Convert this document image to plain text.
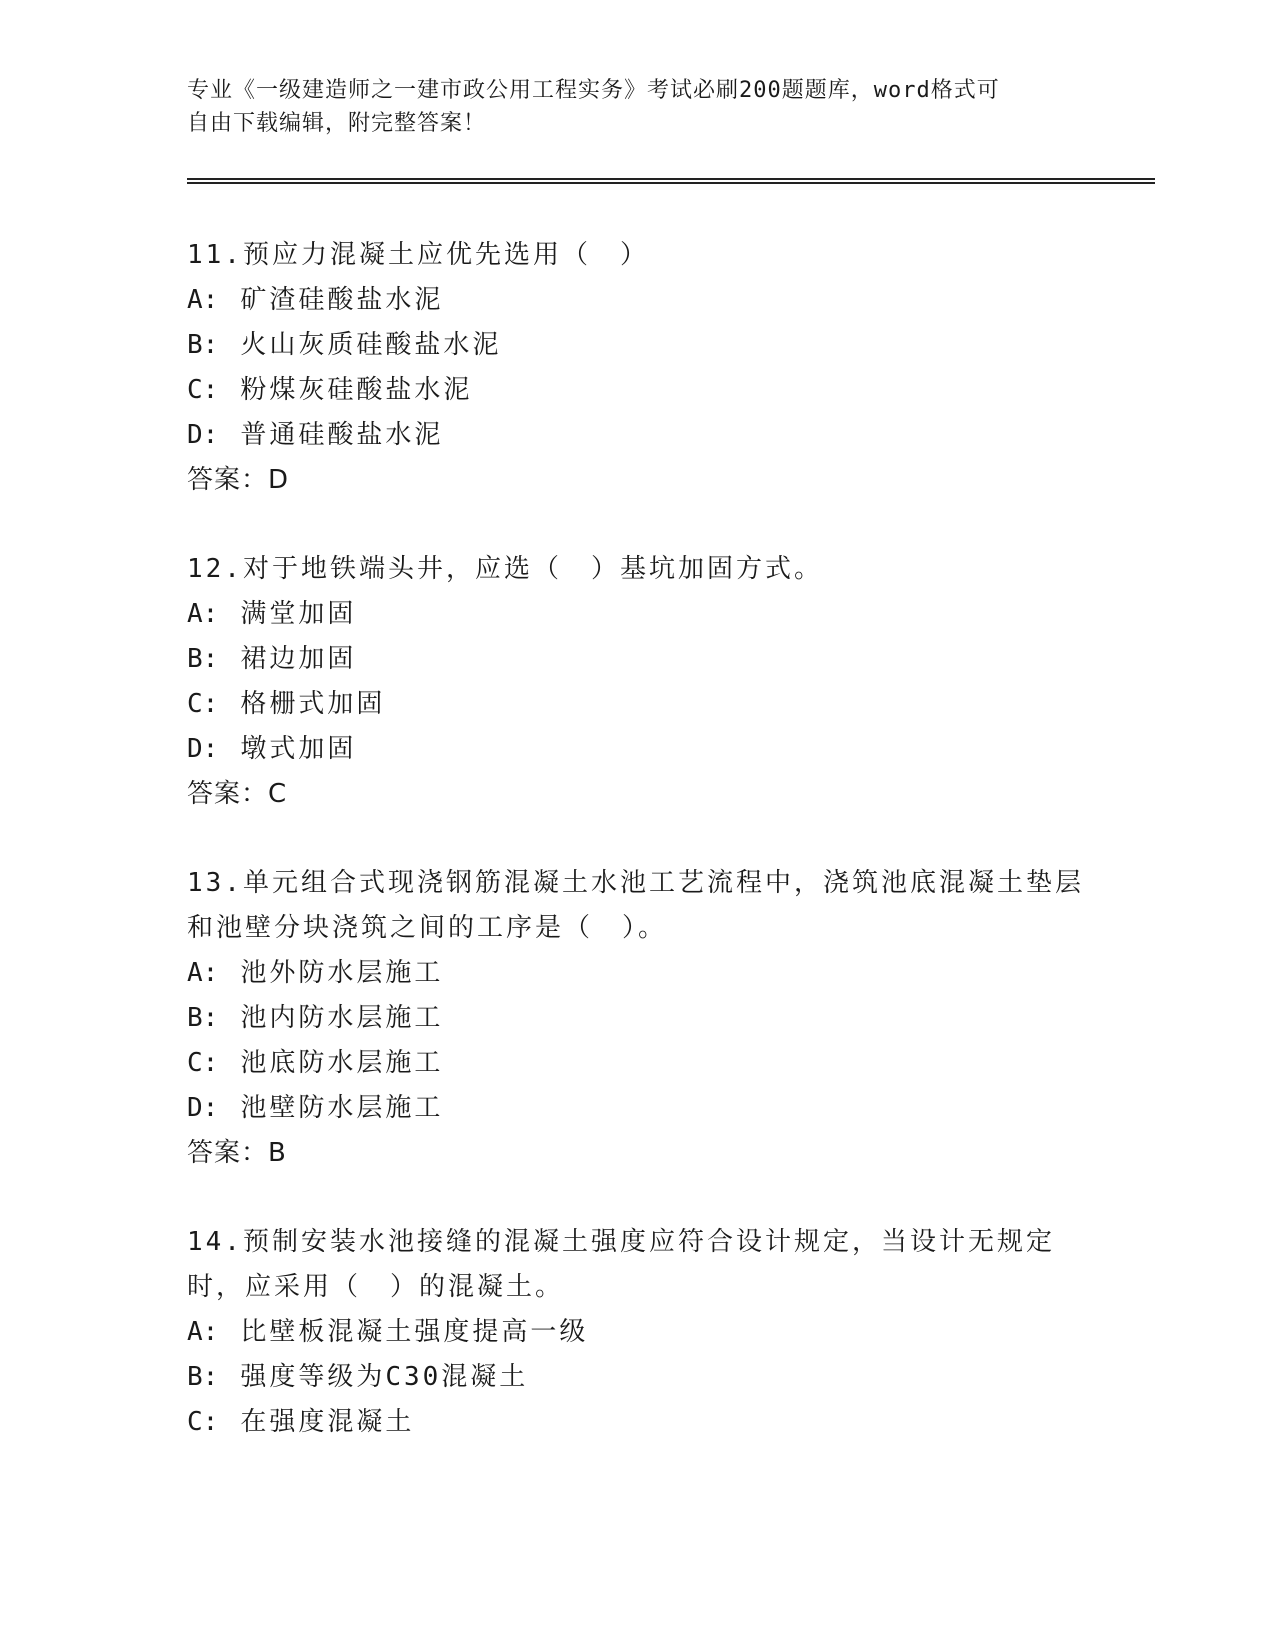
专业《一级建造师之一建市政公用工程实务》考试必刷200题题库，word格式可
自由下载编辑，附完整答案！

11.预应力混凝土应优先选用（　）

A: 矿渣硅酸盐水泥

B: 火山灰质硅酸盐水泥

C: 粉煤灰硅酸盐水泥

D: 普通硅酸盐水泥

答案：D

12.对于地铁端头井，应选（　）基坑加固方式。

A: 满堂加固

B: 裙边加固

C: 格栅式加固

D: 墩式加固

答案：C

13.单元组合式现浇钢筋混凝土水池工艺流程中，浇筑池底混凝土垫层和池壁分块浇筑之间的工序是（　）。

A: 池外防水层施工

B: 池内防水层施工

C: 池底防水层施工

D: 池壁防水层施工

答案：B

14.预制安装水池接缝的混凝土强度应符合设计规定，当设计无规定时，应采用（　）的混凝土。

A: 比壁板混凝土强度提高一级

B: 强度等级为C30混凝土

C: 在强度混凝土
